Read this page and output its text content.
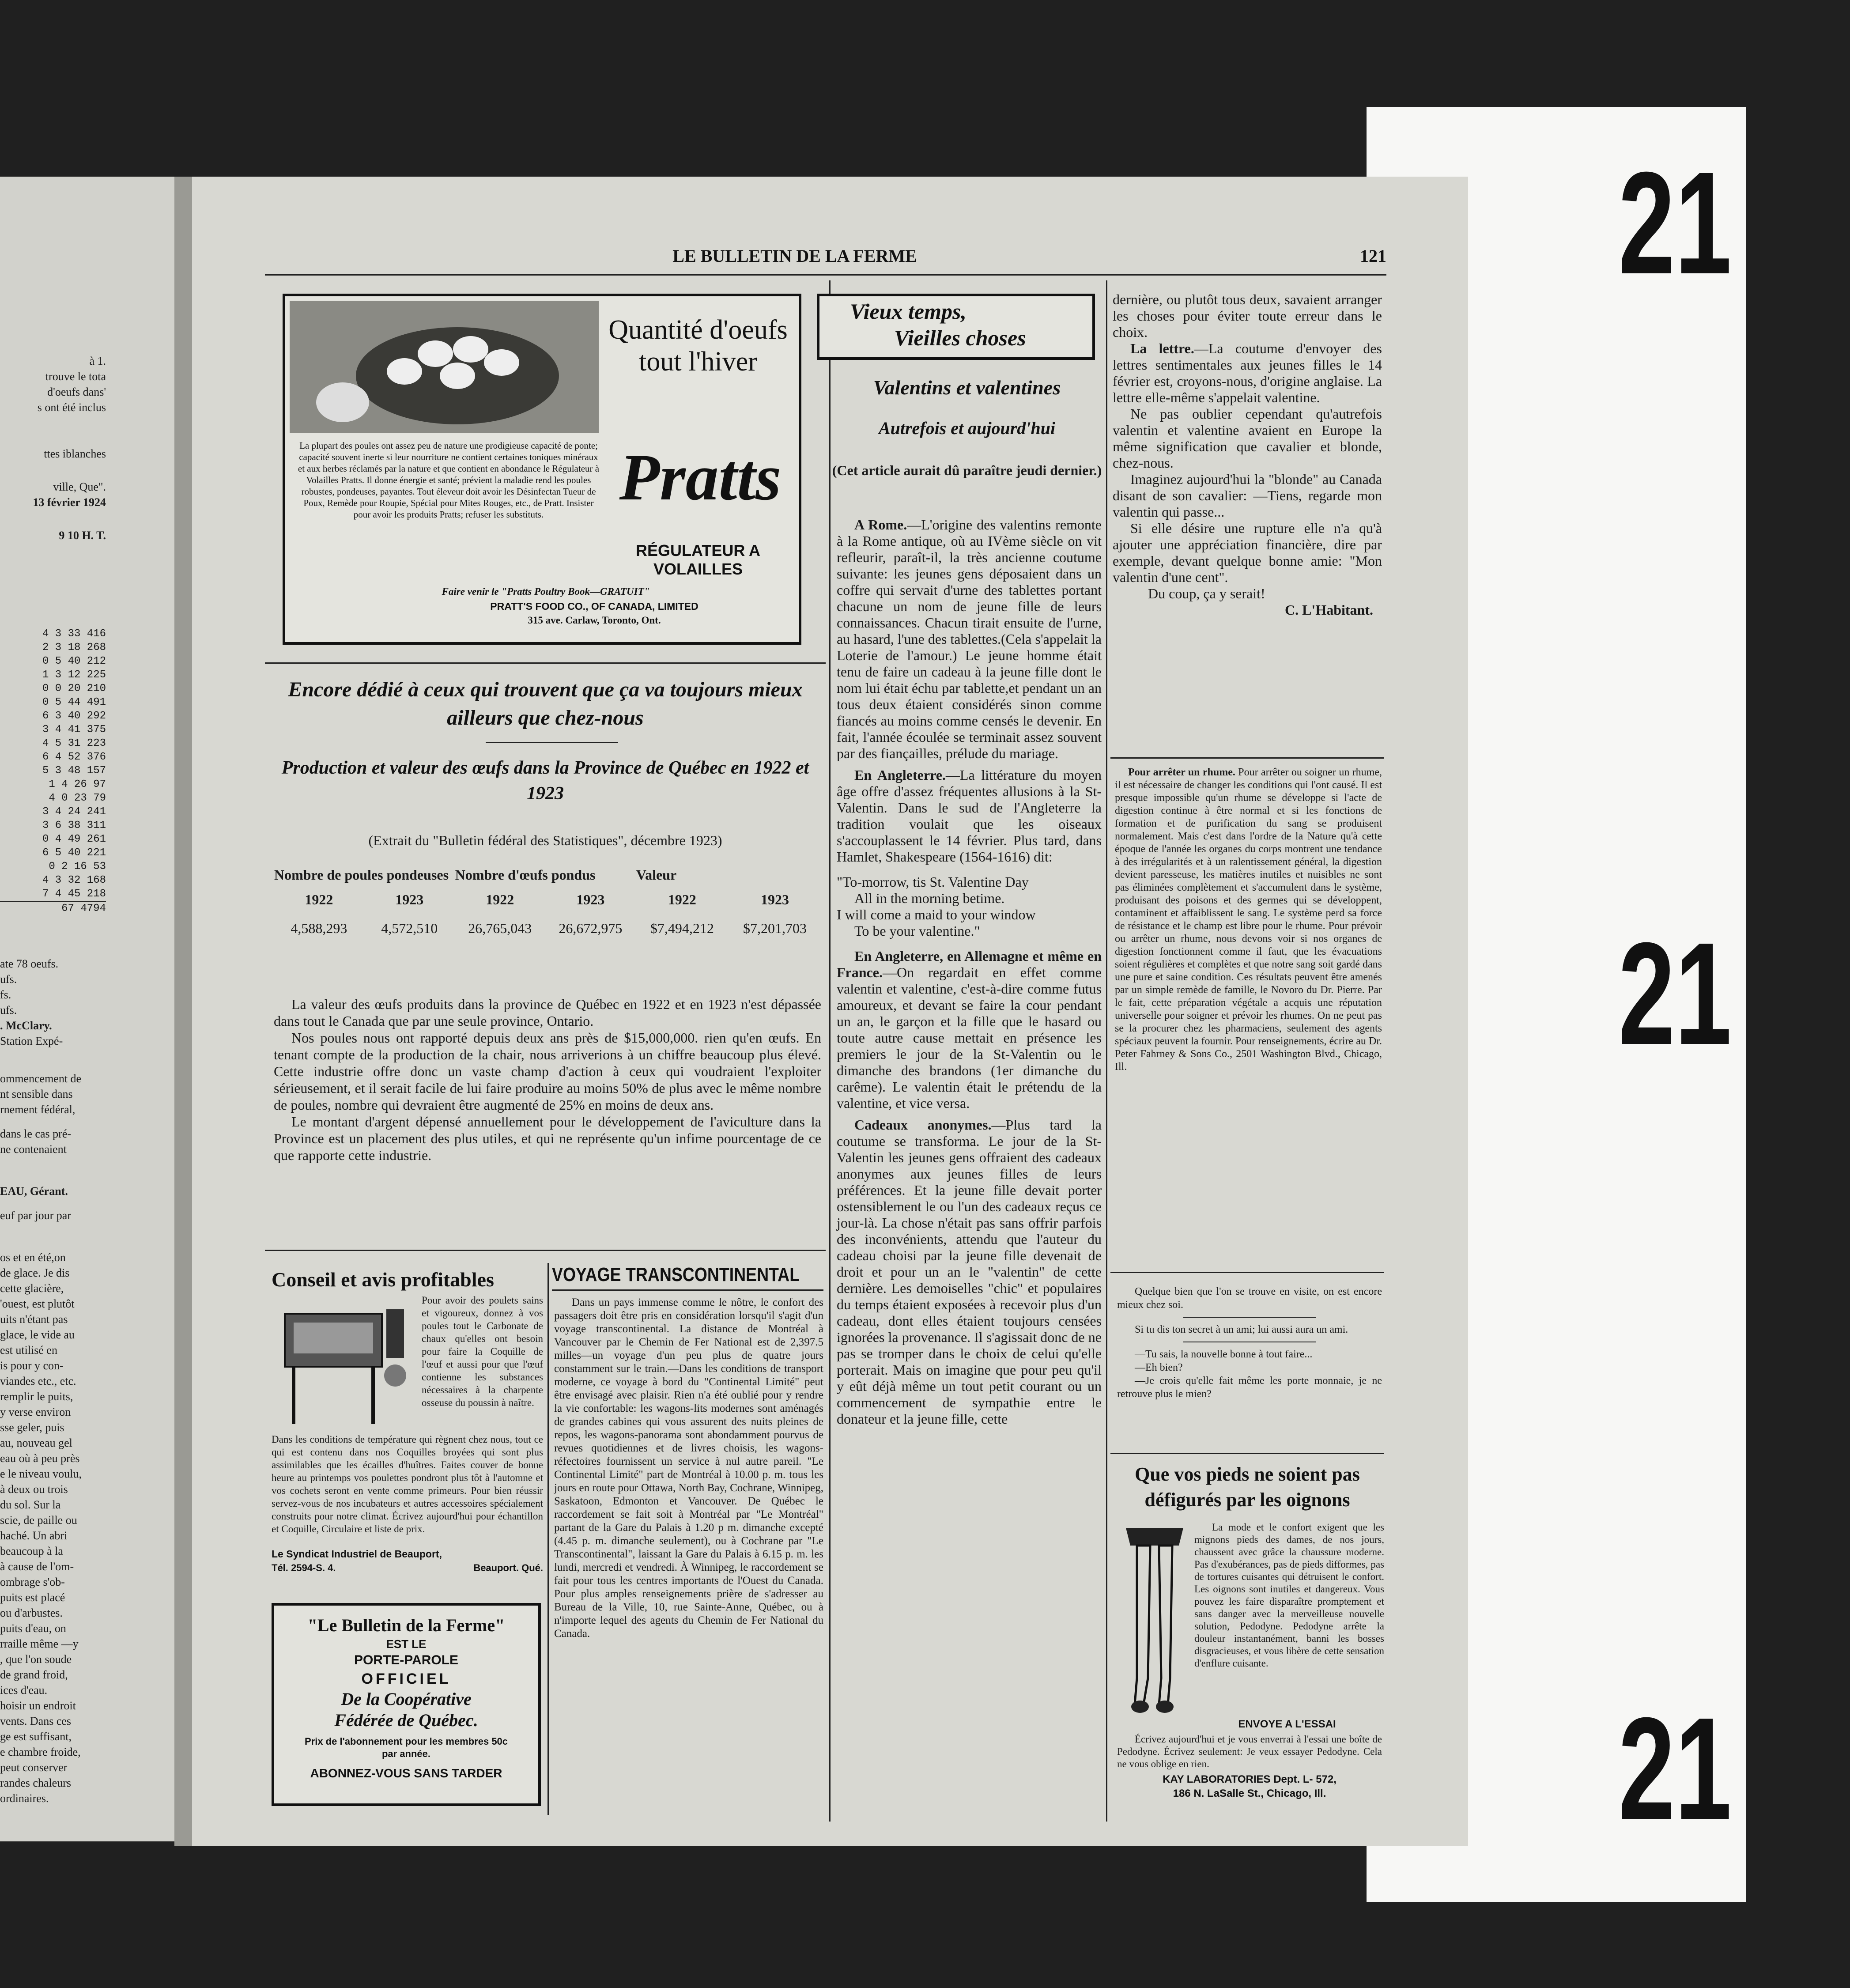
21
21
21
à 1.
trouve le tota
d'oeufs dans'
s ont été inclus
ttes iblanches
ville, Que".
13 février 1924
9 10 H. T.
4 3 33 416
2 3 18 268
0 5 40 212
1 3 12 225
0 0 20 210
0 5 44 491
6 3 40 292
3 4 41 375
4 5 31 223
6 4 52 376
5 3 48 157
1 4 26 97
4 0 23 79
3 4 24 241
3 6 38 311
0 4 49 261
6 5 40 221
0 2 16 53
4 3 32 168
7 4 45 218
67 4794
ate 78 oeufs.
ufs.
fs.
ufs.
. McClary.
Station Expé-
ommencement de
nt sensible dans
rnement fédéral,
dans le cas pré-
ne contenaient
EAU, Gérant.
euf par jour par
os et en été,on
de glace. Je dis
cette glacière,
'ouest, est plutôt
uits n'étant pas
glace, le vide au
est utilisé en
is pour y con-
viandes etc., etc.
remplir le puits,
y verse environ
sse geler, puis
au, nouveau gel
eau où à peu près
e le niveau voulu,
à deux ou trois
du sol. Sur la
scie, de paille ou
haché. Un abri
beaucoup à la
à cause de l'om-
ombrage s'ob-
puits est placé
ou d'arbustes.
puits d'eau, on
rraille même —y
, que l'on soude
de grand froid,
ices d'eau.
hoisir un endroit
vents. Dans ces
ge est suffisant,
e chambre froide,
peut conserver
randes chaleurs
ordinaires.
LE BULLETIN DE LA FERME	121
Quantité d'oeufs tout l'hiver
La plupart des poules ont assez peu de nature une prodigieuse capacité de ponte; capacité souvent inerte si leur nourriture ne contient certaines toniques minéraux et aux herbes réclamés par la nature et que contient en abondance le Régulateur à Volailles Pratts. Il donne énergie et santé; prévient la maladie rend les poules robustes, pondeuses, payantes. Tout éleveur doit avoir les Désinfectan Tueur de Poux, Remède pour Roupie, Spécial pour Mites Rouges, etc., de Pratt. Insister pour avoir les produits Pratts; refuser les substituts.
Pratts
RÉGULATEUR A VOLAILLES
Faire venir le "Pratts Poultry Book—GRATUIT"
PRATT'S FOOD CO., OF CANADA, LIMITED
315 ave. Carlaw, Toronto, Ont.
Encore dédié à ceux qui trouvent que ça va toujours mieux ailleurs que chez-nous
Production et valeur des œufs dans la Province de Québec en 1922 et 1923
(Extrait du "Bulletin fédéral des Statistiques", décembre 1923)
Nombre de poules pondeuses		Nombre d'œufs pondus		Valeur	
1922	1923	1922	1923	1922	1923
4,588,293	4,572,510	26,765,043	26,672,975	$7,494,212	$7,201,703

La valeur des œufs produits dans la province de Québec en 1922 et en 1923 n'est dépassée dans tout le Canada que par une seule province, Ontario.

Nos poules nous ont rapporté depuis deux ans près de $15,000,000. rien qu'en œufs. En tenant compte de la production de la chair, nous arriverions à un chiffre beaucoup plus élevé. Cette industrie offre donc un vaste champ d'action à ceux qui voudraient l'exploiter sérieusement, et il serait facile de lui faire produire au moins 50% de plus avec le même nombre de poules, nombre qui devraient être augmenté de 25% en moins de deux ans.

Le montant d'argent dépensé annuellement pour le développement de l'aviculture dans la Province est un placement des plus utiles, et qui ne représente qu'un infime pourcentage de ce que rapporte cette industrie.

Conseil et avis profitables
Pour avoir des poulets sains et vigoureux, donnez à vos poules tout le Carbonate de chaux qu'elles ont besoin pour faire la Coquille de l'œuf et aussi pour que l'œuf contienne les substances nécessaires à la charpente osseuse du poussin à naître.
Dans les conditions de température qui règnent chez nous, tout ce qui est contenu dans nos Coquilles broyées qui sont plus assimilables que les écailles d'huîtres. Faites couver de bonne heure au printemps vos poulettes pondront plus tôt à l'automne et vos cochets seront en vente comme primeurs. Pour bien réussir servez-vous de nos incubateurs et autres accessoires spécialement construits pour notre climat. Écrivez aujourd'hui pour échantillon et Coquille, Circulaire et liste de prix.
Le Syndicat Industriel de Beauport,
Tél. 2594-S. 4.	Beauport. Qué.
"Le Bulletin de la Ferme"
EST LE
PORTE-PAROLE
OFFICIEL
De la Coopérative
Fédérée de Québec.
Prix de l'abonnement pour les membres 50c par année.
ABONNEZ-VOUS SANS TARDER
VOYAGE TRANSCONTINENTAL
Dans un pays immense comme le nôtre, le confort des passagers doit être pris en considération lorsqu'il s'agit d'un voyage transcontinental. La distance de Montréal à Vancouver par le Chemin de Fer National est de 2,397.5 milles—un voyage d'un peu plus de quatre jours constamment sur le train.—Dans les conditions de transport moderne, ce voyage à bord du "Continental Limité" peut être envisagé avec plaisir. Rien n'a été oublié pour y rendre la vie confortable: les wagons-lits modernes sont aménagés de grandes cabines qui vous assurent des nuits pleines de repos, les wagons-panorama sont abondamment pourvus de revues quotidiennes et de livres choisis, les wagons-réfectoires fournissent un service à nul autre pareil. "Le Continental Limité" part de Montréal à 10.00 p. m. tous les jours en route pour Ottawa, North Bay, Cochrane, Winnipeg, Saskatoon, Edmonton et Vancouver. De Québec le raccordement se fait soit à Montréal par "Le Montréal" partant de la Gare du Palais à 1.20 p m. dimanche excepté (4.45 p. m. dimanche seulement), ou à Cochrane par "Le Transcontinental", laissant la Gare du Palais à 6.15 p. m. les lundi, mercredi et vendredi. À Winnipeg, le raccordement se fait pour tous les centres importants de l'Ouest du Canada. Pour plus amples renseignements prière de s'adresser au Bureau de la Ville, 10, rue Sainte-Anne, Québec, ou à n'importe lequel des agents du Chemin de Fer National du Canada.
Vieux temps,
Vieilles choses
Valentins et valentines
Autrefois et aujourd'hui
(Cet article aurait dû paraître jeudi dernier.)

A Rome.—L'origine des valentins remonte à la Rome antique, où au IVème siècle on vit refleurir, paraît-il, la très ancienne coutume suivante: les jeunes gens déposaient dans un coffre qui servait d'urne des tablettes portant chacune un nom de jeune fille de leurs connaissances. Chacun tirait ensuite de l'urne, au hasard, l'une des tablettes.(Cela s'appelait la Loterie de l'amour.) Le jeune homme était tenu de faire un cadeau à la jeune fille dont le nom lui était échu par tablette,et pendant un an tous deux étaient considérés sinon comme fiancés au moins comme censés le devenir. En fait, l'année écoulée se terminait assez souvent par des fiançailles, prélude du mariage.

En Angleterre.—La littérature du moyen âge offre d'assez fréquentes allusions à la St-Valentin. Dans le sud de l'Angleterre la tradition voulait que les oiseaux s'accouplassent le 14 février. Plus tard, dans Hamlet, Shakespeare (1564-1616) dit:

"To-morrow, tis St. Valentine Day
All in the morning betime.
I will come a maid to your window
To be your valentine."

En Angleterre, en Allemagne et même en France.—On regardait en effet comme valentin et valentine, c'est-à-dire comme futus amoureux, et devant se faire la cour pendant un an, le garçon et la fille que le hasard ou toute autre cause mettait en présence les premiers le jour de la St-Valentin ou le dimanche des brandons (1er dimanche du carême). Le valentin était le prétendu de la valentine, et vice versa.

Cadeaux anonymes.—Plus tard la coutume se transforma. Le jour de la St-Valentin les jeunes gens offraient des cadeaux anonymes aux jeunes filles de leurs préférences. Et la jeune fille devait porter ostensiblement le ou l'un des cadeaux reçus ce jour-là. La chose n'était pas sans offrir parfois des inconvénients, attendu que l'auteur du cadeau choisi par la jeune fille devenait de droit et pour un an le "valentin" de cette dernière. Les demoiselles "chic" et populaires du temps étaient exposées à recevoir plus d'un cadeau, dont elles étaient toujours censées ignorées la provenance. Il s'agissait donc de ne pas se tromper dans le choix de celui qu'elle porterait. Mais on imagine que pour peu qu'il y eût déjà même un tout petit courant ou un commencement de sympathie entre le donateur et la jeune fille, cette

dernière, ou plutôt tous deux, savaient arranger les choses pour éviter toute erreur dans le choix.

La lettre.—La coutume d'envoyer des lettres sentimentales aux jeunes filles le 14 février est, croyons-nous, d'origine anglaise. La lettre elle-même s'appelait valentine.

Ne pas oublier cependant qu'autrefois valentin et valentine avaient en Europe la même signification que cavalier et blonde, chez-nous.

Imaginez aujourd'hui la "blonde" au Canada disant de son cavalier: —Tiens, regarde mon valentin qui passe...

Si elle désire une rupture elle n'a qu'à ajouter une appréciation financière, dire par exemple, devant quelque bonne amie: "Mon valentin d'une cent".

Du coup, ça y serait!

C. L'Habitant.
Pour arrêter un rhume. Pour arrêter ou soigner un rhume, il est nécessaire de changer les conditions qui l'ont causé. Il est presque impossible qu'un rhume se développe si l'acte de digestion continue à être normal et si les fonctions de formation et de purification du sang se produisent normalement. Mais c'est dans l'ordre de la Nature qu'à cette époque de l'année les organes du corps montrent une tendance à des irrégularités et à un ralentissement général, la digestion devient paresseuse, les matières inutiles et nuisibles ne sont pas éliminées complètement et s'accumulent dans le système, produisant des poisons et des germes qui se développent, contaminent et affaiblissent le sang. Le système perd sa force de résistance et le champ est libre pour le rhume. Pour prévoir ou arrêter un rhume, nous devons voir si nos organes de digestion fonctionnent comme il faut, que les évacuations soient régulières et complètes et que notre sang soit gardé dans une pure et saine condition. Ces résultats peuvent être amenés par un simple remède de famille, le Novoro du Dr. Pierre. Par le fait, cette préparation végétale a acquis une réputation universelle pour soigner et prévoir les rhumes. On ne peut pas se la procurer chez les pharmaciens, seulement des agents spéciaux peuvent la fournir. Pour renseignements, écrire au Dr. Peter Fahrney & Sons Co., 2501 Washington Blvd., Chicago, Ill.

Quelque bien que l'on se trouve en visite, on est encore mieux chez soi.

Si tu dis ton secret à un ami; lui aussi aura un ami.

—Tu sais, la nouvelle bonne à tout faire...

—Eh bien?

—Je crois qu'elle fait même les porte monnaie, je ne retrouve plus le mien?

Que vos pieds ne soient pas défigurés par les oignons
La mode et le confort exigent que les mignons pieds des dames, de nos jours, chaussent avec grâce la chaussure moderne. Pas d'exubérances, pas de pieds difformes, pas de tortures cuisantes qui détruisent le confort. Les oignons sont inutiles et dangereux. Vous pouvez les faire disparaître promptement et sans danger avec la merveilleuse nouvelle solution, Pedodyne. Pedodyne arrête la douleur instantanément, banni les bosses disgracieuses, et vous libère de cette sensation d'enflure cuisante.
ENVOYE A L'ESSAI
Écrivez aujourd'hui et je vous enverrai à l'essai une boîte de Pedodyne. Écrivez seulement: Je veux essayer Pedodyne. Cela ne vous oblige en rien.
KAY LABORATORIES Dept. L- 572,
186 N. LaSalle St., Chicago, Ill.
